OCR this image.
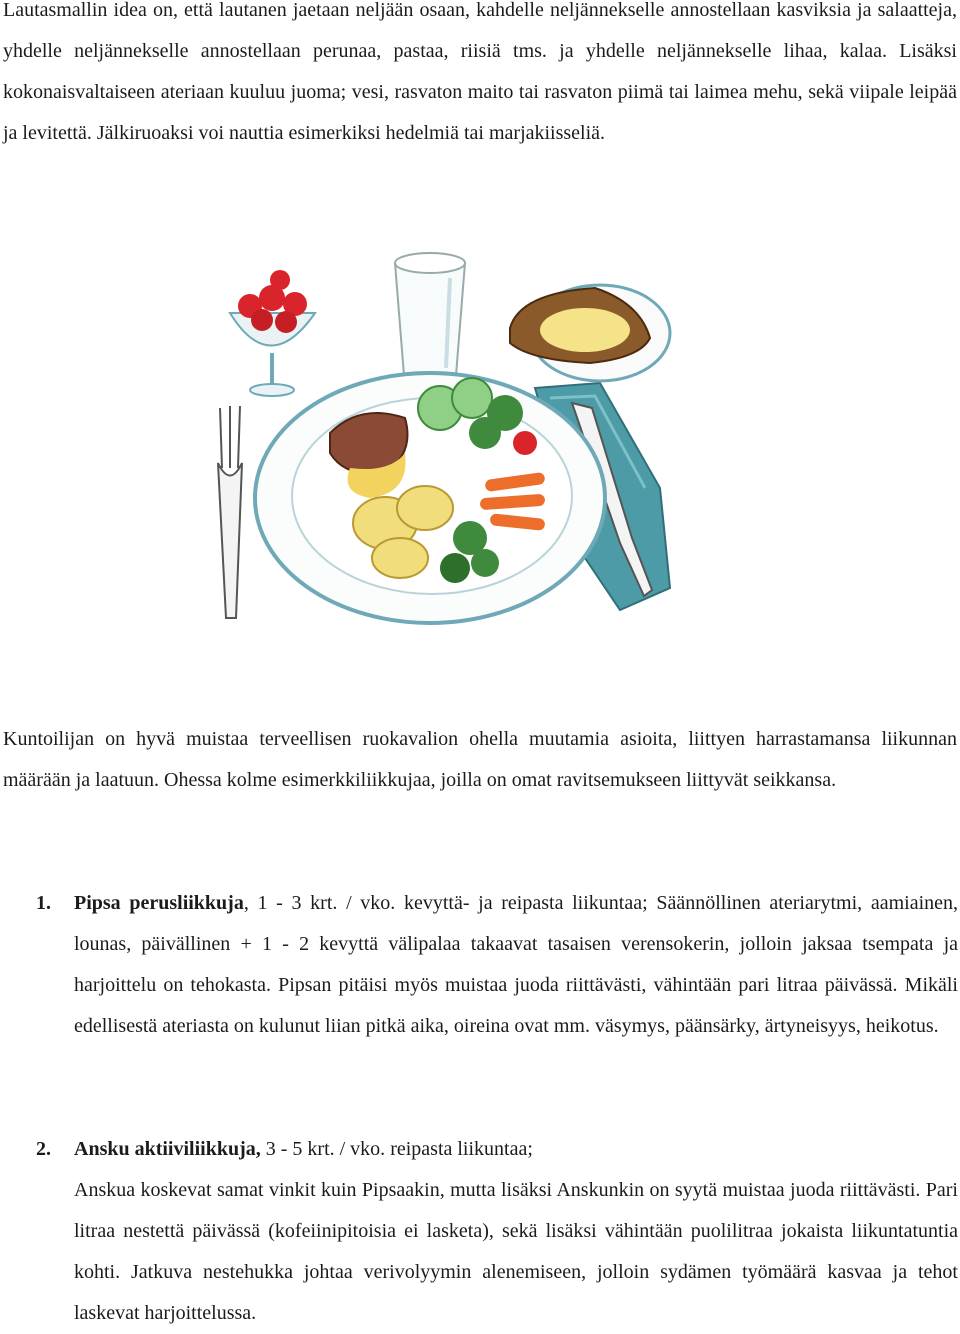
Lautasmallin idea on, että lautanen jaetaan neljään osaan, kahdelle neljännekselle annostellaan kasviksia ja salaatteja, yhdelle neljännekselle annostellaan perunaa, pastaa, riisiä tms. ja yhdelle neljännekselle lihaa, kalaa. Lisäksi kokonaisvaltaiseen ateriaan kuuluu juoma; vesi, rasvaton maito tai rasvaton piimä tai laimea mehu, sekä viipale leipää ja levitettä. Jälkiruoaksi voi nauttia esimerkiksi hedelmiä tai marjakiisseliä.

Kuntoilijan on hyvä muistaa terveellisen ruokavalion ohella muutamia asioita, liittyen harrastamansa liikunnan määrään ja laatuun. Ohessa kolme esimerkkiliikkujaa, joilla on omat ravitsemukseen liittyvät seikkansa.

1. Pipsa perusliikkuja, 1 - 3 krt. / vko. kevyttä- ja reipasta liikuntaa; Säännöllinen ateriarytmi, aamiainen, lounas, päivällinen + 1 - 2 kevyttä välipalaa takaavat tasaisen verensokerin, jolloin jaksaa tsempata ja harjoittelu on tehokasta. Pipsan pitäisi myös muistaa juoda riittävästi, vähintään pari litraa päivässä. Mikäli edellisestä ateriasta on kulunut liian pitkä aika, oireina ovat mm. väsymys, päänsärky, ärtyneisyys, heikotus.

2. Ansku aktiiviliikkuja, 3 - 5 krt. / vko. reipasta liikuntaa;

Anskua koskevat samat vinkit kuin Pipsaakin, mutta lisäksi Anskunkin on syytä muistaa juoda riittävästi. Pari litraa nestettä päivässä (kofeiinipitoisia ei lasketa), sekä lisäksi vähintään puolilitraa jokaista liikuntatuntia kohti. Jatkuva nestehukka johtaa verivolyymin alenemiseen, jolloin sydämen työmäärä kasvaa ja tehot laskevat harjoittelussa.
